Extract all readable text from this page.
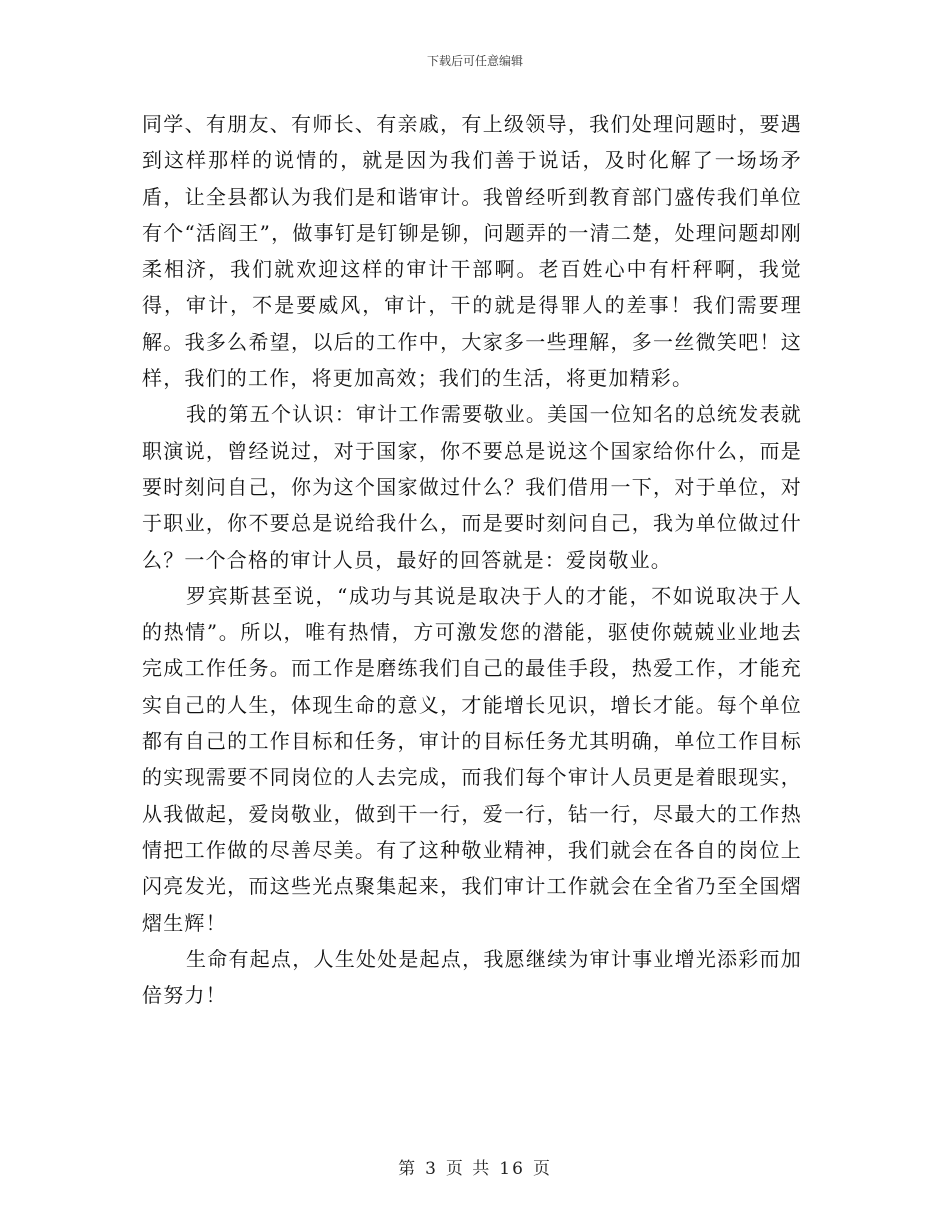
下载后可任意编辑

同学、有朋友、有师长、有亲戚，有上级领导，我们处理问题时，要遇到这样那样的说情的，就是因为我们善于说话，及时化解了一场场矛盾，让全县都认为我们是和谐审计。我曾经听到教育部门盛传我们单位有个“活阎王”，做事钉是钉铆是铆，问题弄的一清二楚，处理问题却刚柔相济，我们就欢迎这样的审计干部啊。老百姓心中有杆秤啊，我觉得，审计，不是要威风，审计，干的就是得罪人的差事！我们需要理解。我多么希望，以后的工作中，大家多一些理解，多一丝微笑吧！这样，我们的工作，将更加高效；我们的生活，将更加精彩。

我的第五个认识：审计工作需要敬业。美国一位知名的总统发表就职演说，曾经说过，对于国家，你不要总是说这个国家给你什么，而是要时刻问自己，你为这个国家做过什么？我们借用一下，对于单位，对于职业，你不要总是说给我什么，而是要时刻问自己，我为单位做过什么？一个合格的审计人员，最好的回答就是：爱岗敬业。

罗宾斯甚至说，“成功与其说是取决于人的才能，不如说取决于人的热情”。所以，唯有热情，方可激发您的潜能，驱使你兢兢业业地去完成工作任务。而工作是磨练我们自己的最佳手段，热爱工作，才能充实自己的人生，体现生命的意义，才能增长见识，增长才能。每个单位都有自己的工作目标和任务，审计的目标任务尤其明确，单位工作目标的实现需要不同岗位的人去完成，而我们每个审计人员更是着眼现实，从我做起，爱岗敬业，做到干一行，爱一行，钻一行，尽最大的工作热情把工作做的尽善尽美。有了这种敬业精神，我们就会在各自的岗位上闪亮发光，而这些光点聚集起来，我们审计工作就会在全省乃至全国熠熠生辉！

生命有起点，人生处处是起点，我愿继续为审计事业增光添彩而加倍努力！

第 3 页 共 16 页
